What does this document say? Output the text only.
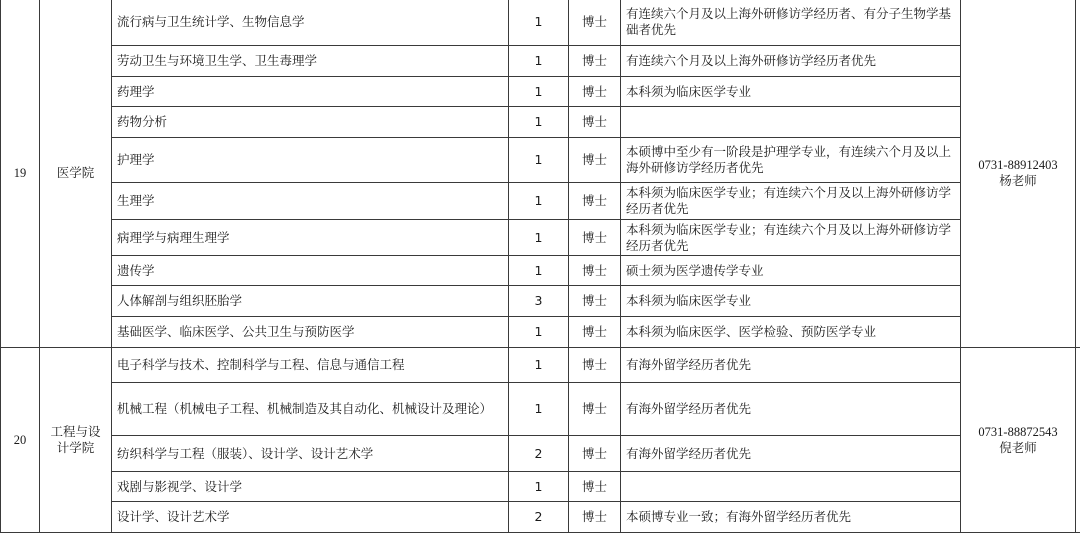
19	医学院	流行病与卫生统计学、生物信息学	1	博士	有连续六个月及以上海外研修访学经历者、有分子生物学基础者优先	0731-88912403
杨老师	

		劳动卫生与环境卫生学、卫生毒理学	1	博士	有连续六个月及以上海外研修访学经历者优先		
		药理学	1	博士	本科须为临床医学专业		
		药物分析	1	博士			
		护理学	1	博士	本硕博中至少有一阶段是护理学专业，有连续六个月及以上海外研修访学经历者优先		
		生理学	1	博士	本科须为临床医学专业；有连续六个月及以上海外研修访学经历者优先		
		病理学与病理生理学	1	博士	本科须为临床医学专业；有连续六个月及以上海外研修访学经历者优先		
		遗传学	1	博士	硕士须为医学遗传学专业		
		人体解剖与组织胚胎学	3	博士	本科须为临床医学专业		
		基础医学、临床医学、公共卫生与预防医学	1	博士	本科须为临床医学、医学检验、预防医学专业		
20	工程与设计学院	电子科学与技术、控制科学与工程、信息与通信工程	1	博士	有海外留学经历者优先	0731-88872543
倪老师	

		机械工程（机械电子工程、机械制造及其自动化、机械设计及理论）	1	博士	有海外留学经历者优先		
		纺织科学与工程（服装）、设计学、设计艺术学	2	博士	有海外留学经历者优先		
		戏剧与影视学、设计学	1	博士			
		设计学、设计艺术学	2	博士	本硕博专业一致；有海外留学经历者优先		
